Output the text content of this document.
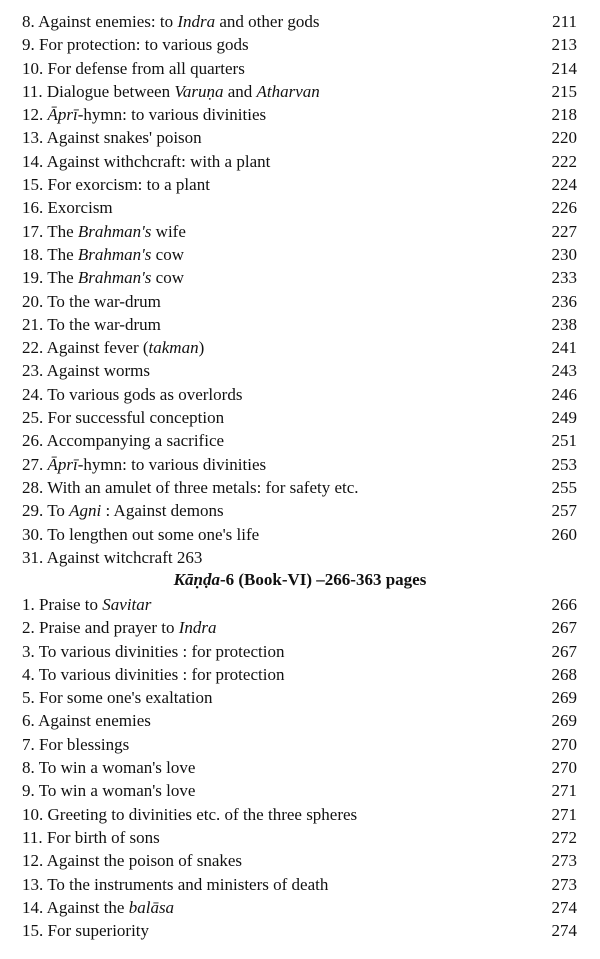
8. Against enemies: to Indra and other gods	211
9. For protection: to various gods	213
10. For defense from all quarters	214
11. Dialogue between Varuṇa and Atharvan	215
12. Āprī-hymn: to various divinities	218
13. Against snakes' poison	220
14. Against withchcraft: with a plant	222
15. For exorcism: to a plant	224
16. Exorcism	226
17. The Brahman's wife	227
18. The Brahman's cow	230
19. The Brahman's cow	233
20. To the war-drum	236
21. To the war-drum	238
22. Against fever (takman)	241
23. Against worms	243
24. To various gods as overlords	246
25. For successful conception	249
26. Accompanying a sacrifice	251
27. Āprī-hymn: to various divinities	253
28. With an amulet of three metals: for safety etc.	255
29. To Agni : Against demons	257
30. To lengthen out some one's life	260
31. Against witchcraft 263
Kāṇḍa-6 (Book-VI) –266-363 pages
1. Praise to Savitar	266
2. Praise and prayer to Indra	267
3. To various divinities : for protection	267
4. To various divinities : for protection	268
5. For some one's exaltation	269
6. Against enemies	269
7. For blessings	270
8. To win a woman's love	270
9. To win a woman's love	271
10. Greeting to divinities etc. of the three spheres	271
11. For birth of sons	272
12. Against the poison of snakes	273
13. To the instruments and ministers of death	273
14. Against the balāsa	274
15. For superiority	274
